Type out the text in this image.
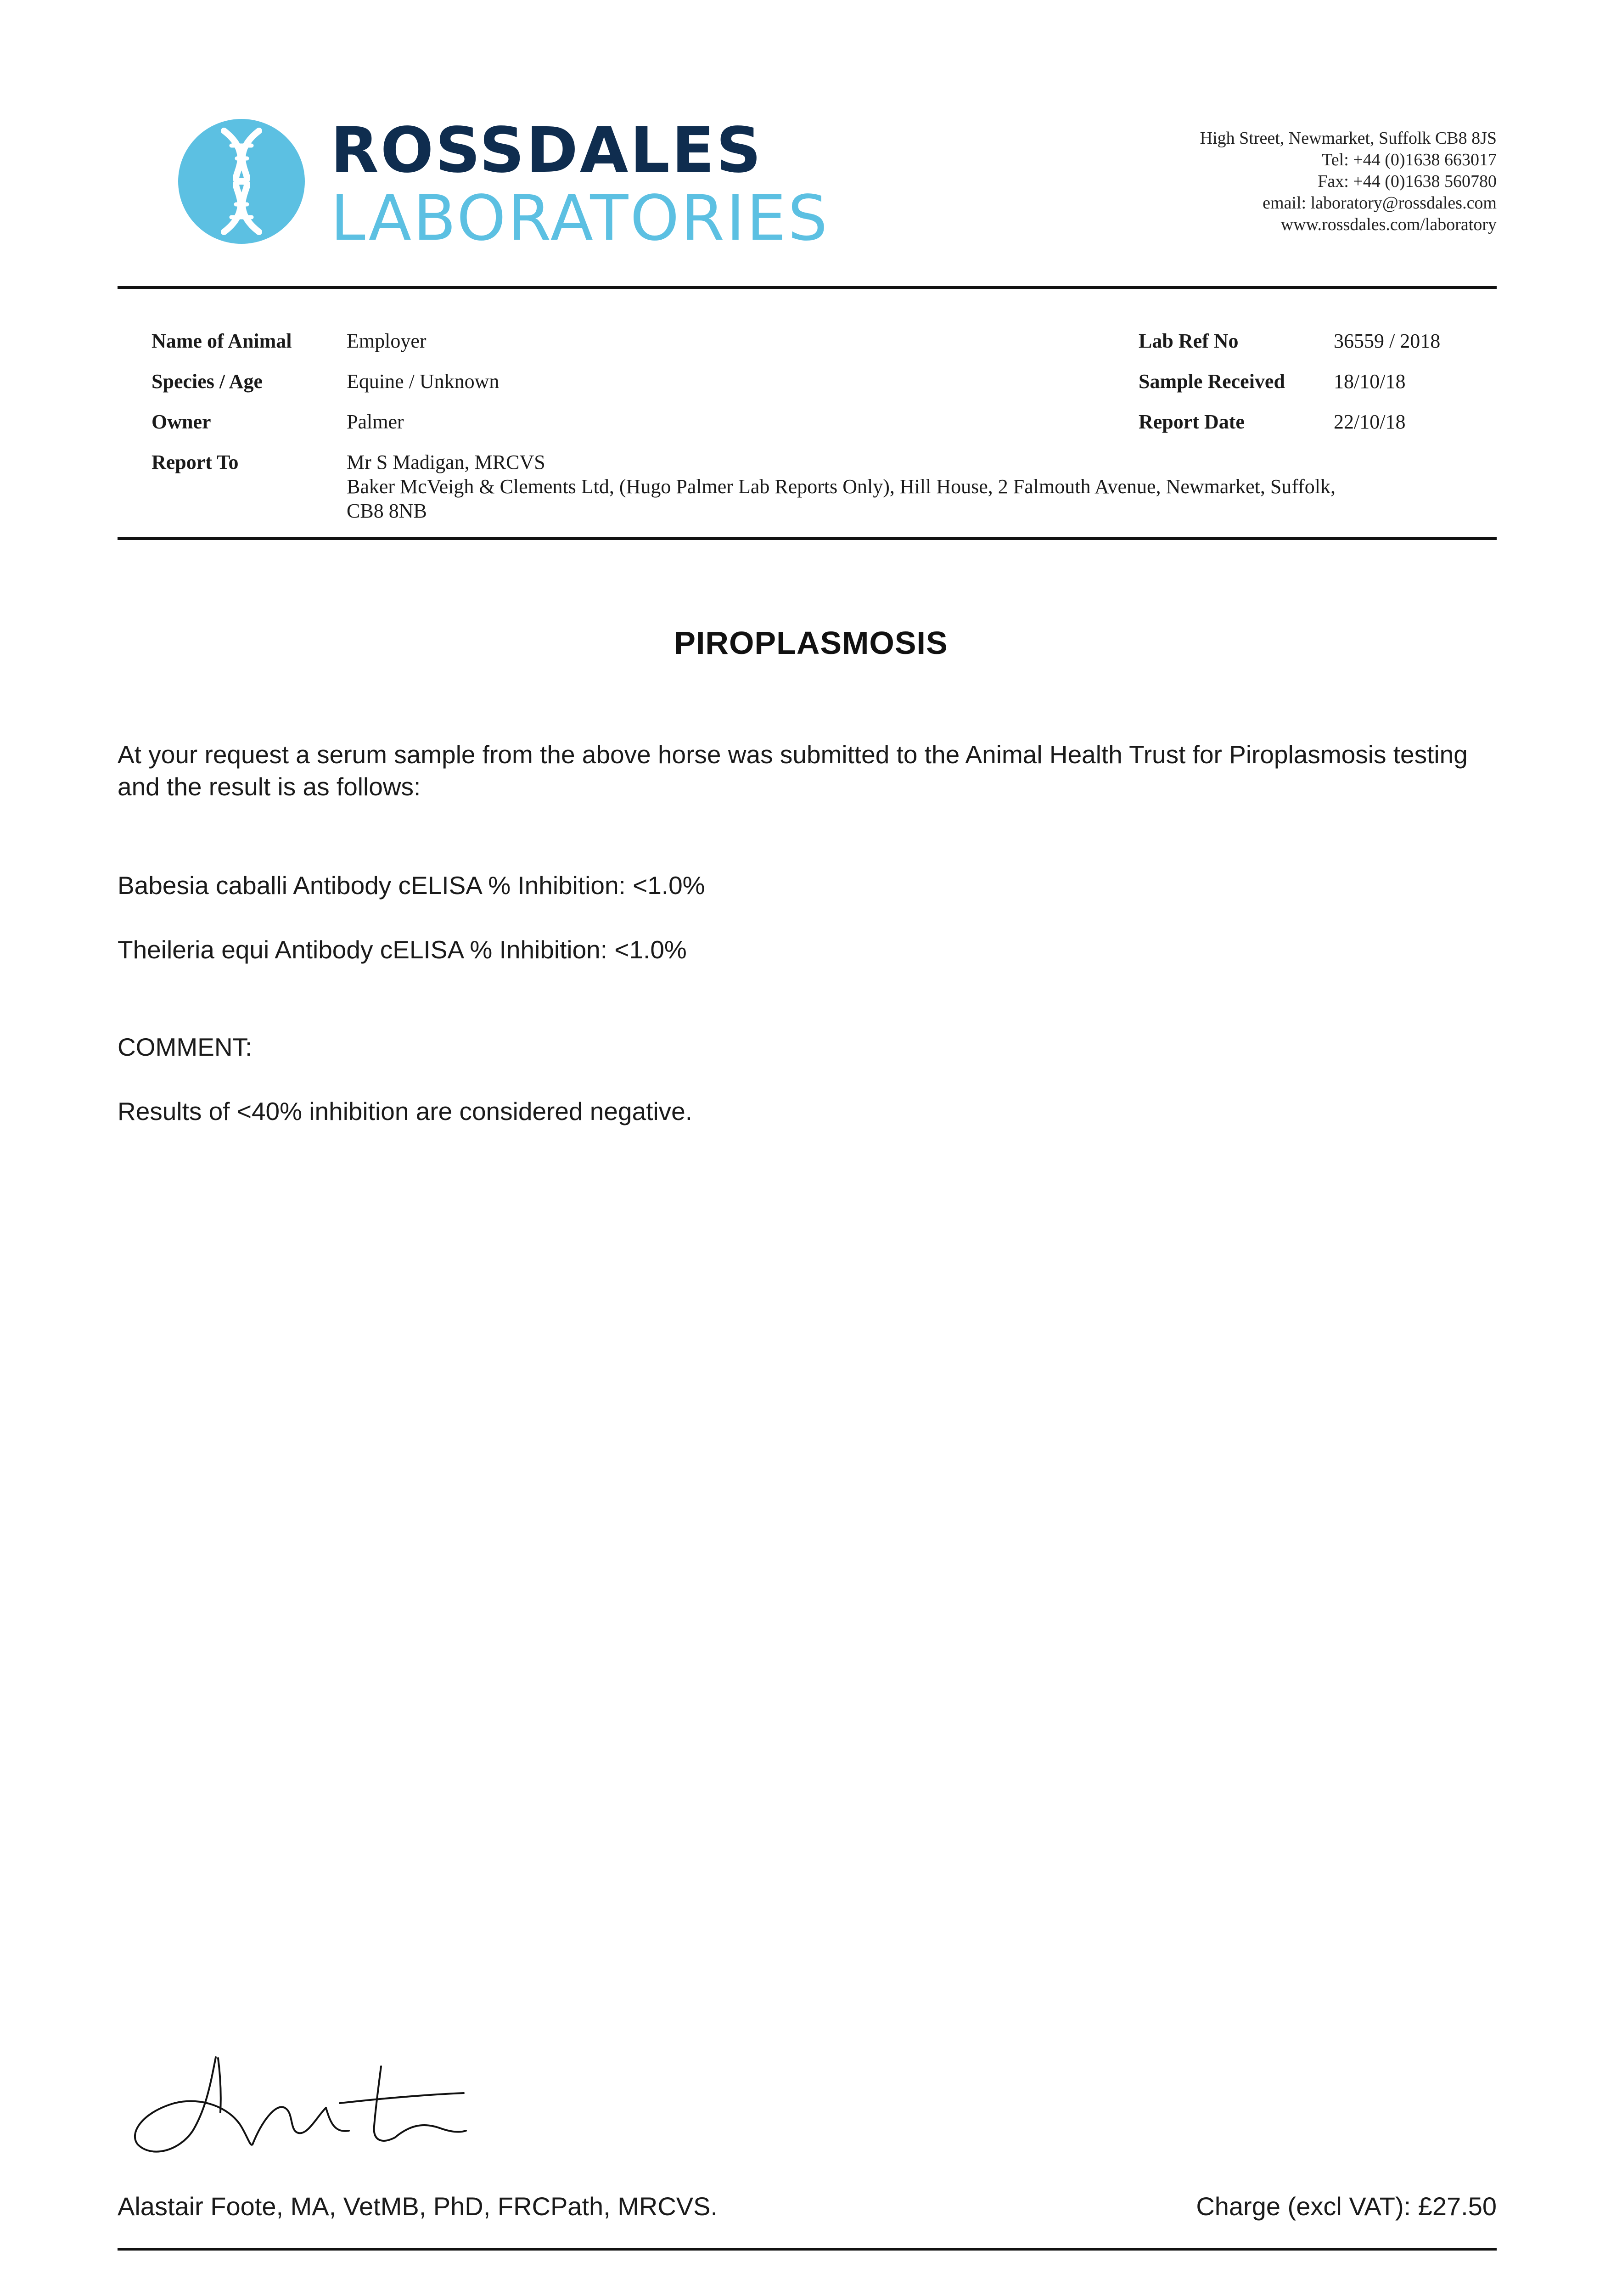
ROSSDALES
LABORATORIES
High Street, Newmarket, Suffolk CB8 8JS
Tel: +44 (0)1638 663017
Fax: +44 (0)1638 560780
email: laboratory@rossdales.com
www.rossdales.com/laboratory
Name of Animal	Employer
Species / Age	Equine / Unknown
Owner	Palmer
Report To	Mr S Madigan, MRCVS
Baker McVeigh & Clements Ltd, (Hugo Palmer Lab Reports Only), Hill House, 2 Falmouth Avenue, Newmarket, Suffolk,
CB8 8NB
Lab Ref No	36559 / 2018
Sample Received 18/10/18
Report Date	22/10/18
PIROPLASMOSIS
At your request a serum sample from the above horse was submitted to the Animal Health Trust for Piroplasmosis testing and the result is as follows:
Babesia caballi Antibody cELISA % Inhibition: <1.0%
Theileria equi Antibody cELISA % Inhibition: <1.0%
COMMENT:
Results of <40% inhibition are considered negative.
Alastair Foote, MA, VetMB, PhD, FRCPath, MRCVS.	Charge (excl VAT): £27.50
